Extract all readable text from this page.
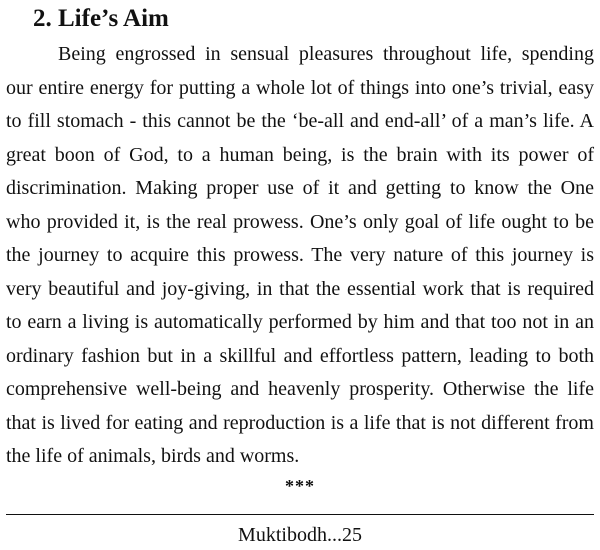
2. Life’s Aim
Being engrossed in sensual pleasures throughout life, spending
our entire energy for putting a whole lot of things into one’s trivial, easy
to fill stomach - this cannot be the ‘be-all and end-all’ of a man’s life. A
great boon of God, to a human being, is the brain with its power of
discrimination. Making proper use of it and getting to know the One
who provided it, is the real prowess. One’s only goal of life ought to be
the journey to acquire this prowess. The very nature of this journey is
very beautiful and joy-giving, in that the essential work that is required
to earn a living is automatically performed by him and that too not in an
ordinary fashion but in a skillful and effortless pattern, leading to both
comprehensive well-being and heavenly prosperity. Otherwise the life
that is lived for eating and reproduction is a life that is not different from
the life of animals, birds and worms.
***
Muktibodh...25
